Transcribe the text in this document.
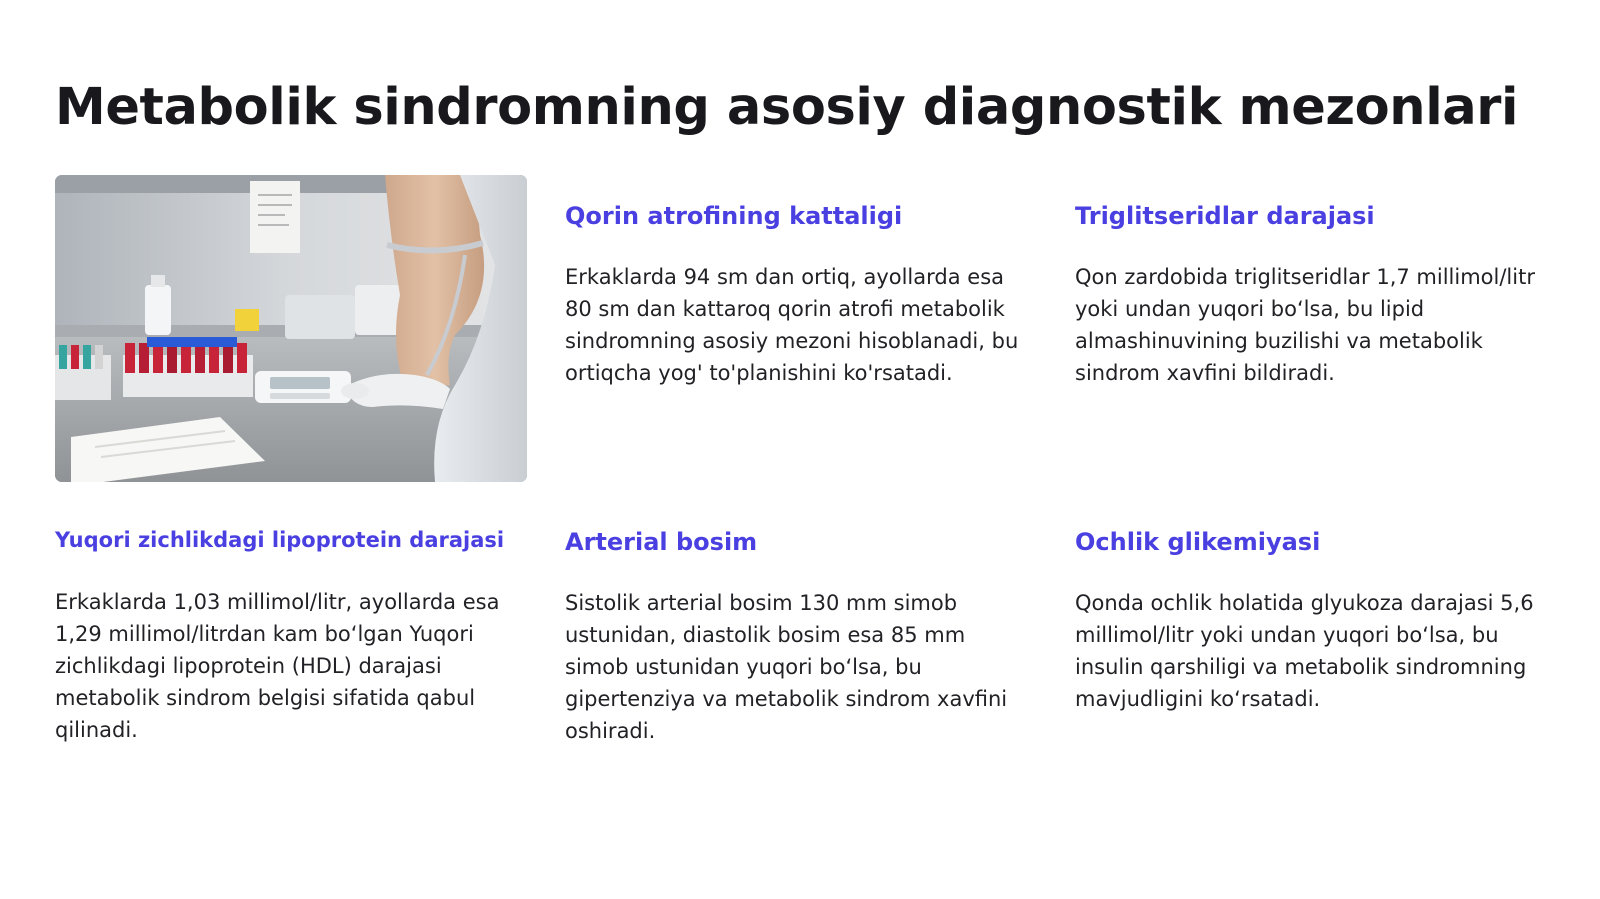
Metabolik sindromning asosiy diagnostik mezonlari
Qorin atrofining kattaligi

Erkaklarda 94 sm dan ortiq, ayollarda esa 80 sm dan kattaroq qorin atrofi metabolik sindromning asosiy mezoni hisoblanadi, bu ortiqcha yog' to'planishini ko'rsatadi.

Triglitseridlar darajasi

Qon zardobida triglitseridlar 1,7 millimol/litr yoki undan yuqori bo‘lsa, bu lipid almashinuvining buzilishi va metabolik sindrom xavfini bildiradi.

Yuqori zichlikdagi lipoprotein darajasi

Erkaklarda 1,03 millimol/litr, ayollarda esa 1,29 millimol/litrdan kam bo‘lgan Yuqori zichlikdagi lipoprotein (HDL) darajasi metabolik sindrom belgisi sifatida qabul qilinadi.

Arterial bosim

Sistolik arterial bosim 130 mm simob ustunidan, diastolik bosim esa 85 mm simob ustunidan yuqori bo‘lsa, bu gipertenziya va metabolik sindrom xavfini oshiradi.

Ochlik glikemiyasi

Qonda ochlik holatida glyukoza darajasi 5,6 millimol/litr yoki undan yuqori bo‘lsa, bu insulin qarshiligi va metabolik sindromning mavjudligini ko‘rsatadi.
